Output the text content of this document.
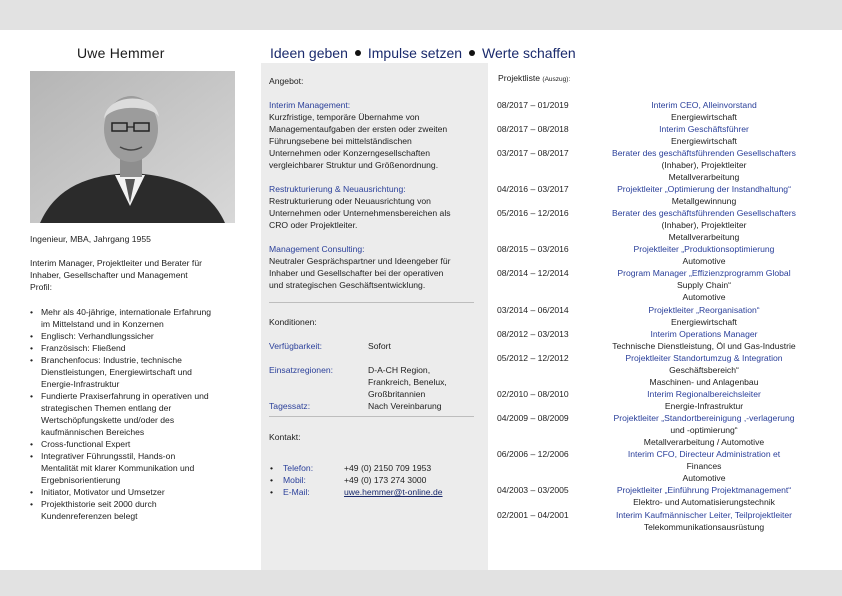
Uwe Hemmer	Ideen geben Impulse setzen Werte schaffen
Ingenieur, MBA, Jahrgang 1955
Interim Manager, Projektleiter und Berater für
Inhaber, Gesellschafter und Management
Profil:
• Mehr als 40-jährige, internationale Erfahrung
im Mittelstand und in Konzernen
• Englisch: Verhandlungssicher
• Französisch: Fließend
• Branchenfocus: Industrie, technische
Dienstleistungen, Energiewirtschaft und
Energie-Infrastruktur
• Fundierte Praxiserfahrung in operativen und
strategischen Themen entlang der
Wertschöpfungskette und/oder des
kaufmännischen Bereiches
• Cross-functional Expert
• Integrativer Führungsstil, Hands-on
Mentalität mit klarer Kommunikation und
Ergebnisorientierung
• Initiator, Motivator und Umsetzer
• Projekthistorie seit 2000 durch
Kundenreferenzen belegt
Angebot:
Interim Management:
Kurzfristige, temporäre Übernahme von
Managementaufgaben der ersten oder zweiten
Führungsebene bei mittelständischen
Unternehmen oder Konzerngesellschaften
vergleichbarer Struktur und Größenordnung.
Restrukturierung & Neuausrichtung:
Restrukturierung oder Neuausrichtung von
Unternehmen oder Unternehmensbereichen als
CRO oder Projektleiter.
Management Consulting:
Neutraler Gesprächspartner und Ideengeber für
Inhaber und Gesellschafter bei der operativen
und strategischen Geschäftsentwicklung.
Konditionen:
Verfügbarkeit:	Sofort
Einsatzregionen:	D-A-CH Region,
Frankreich, Benelux,
Großbritannien
Tagessatz:	Nach Vereinbarung
Kontakt:
• Telefon:	+49 (0) 2150 709 1953
• Mobil:	+49 (0) 173 274 3000
• E-Mail:	uwe.hemmer@t-online.de
Projektliste (Auszug):
08/2017 – 01/2019	Interim CEO, Alleinvorstand
Energiewirtschaft
08/2017 – 08/2018	Interim Geschäftsführer
Energiewirtschaft
03/2017 – 08/2017	Berater des geschäftsführenden Gesellschafters
(Inhaber), Projektleiter
Metallverarbeitung
04/2016 – 03/2017	Projektleiter „Optimierung der Instandhaltung“
Metallgewinnung
05/2016 – 12/2016	Berater des geschäftsführenden Gesellschafters
(Inhaber), Projektleiter
Metallverarbeitung
08/2015 – 03/2016	Projektleiter „Produktionsoptimierung
Automotive
08/2014 – 12/2014	Program Manager „Effizienzprogramm Global
Supply Chain“
Automotive
03/2014 – 06/2014	Projektleiter „Reorganisation“
Energiewirtschaft
08/2012 – 03/2013	Interim Operations Manager
Technische Dienstleistung, Öl und Gas-Industrie
05/2012 – 12/2012	Projektleiter Standortumzug & Integration
Geschäftsbereich“
Maschinen- und Anlagenbau
02/2010 – 08/2010	Interim Regionalbereichsleiter
Energie-Infrastruktur
04/2009 – 08/2009	Projektleiter „Standortbereinigung ,-verlagerung
und -optimierung“
Metallverarbeitung / Automotive
06/2006 – 12/2006	Interim CFO, Directeur Administration et
Finances
Automotive
04/2003 – 03/2005	Projektleiter „Einführung Projektmanagement“
Elektro- und Automatisierungstechnik
02/2001 – 04/2001	Interim Kaufmännischer Leiter, Teilprojektleiter
Telekommunikationsausrüstung
